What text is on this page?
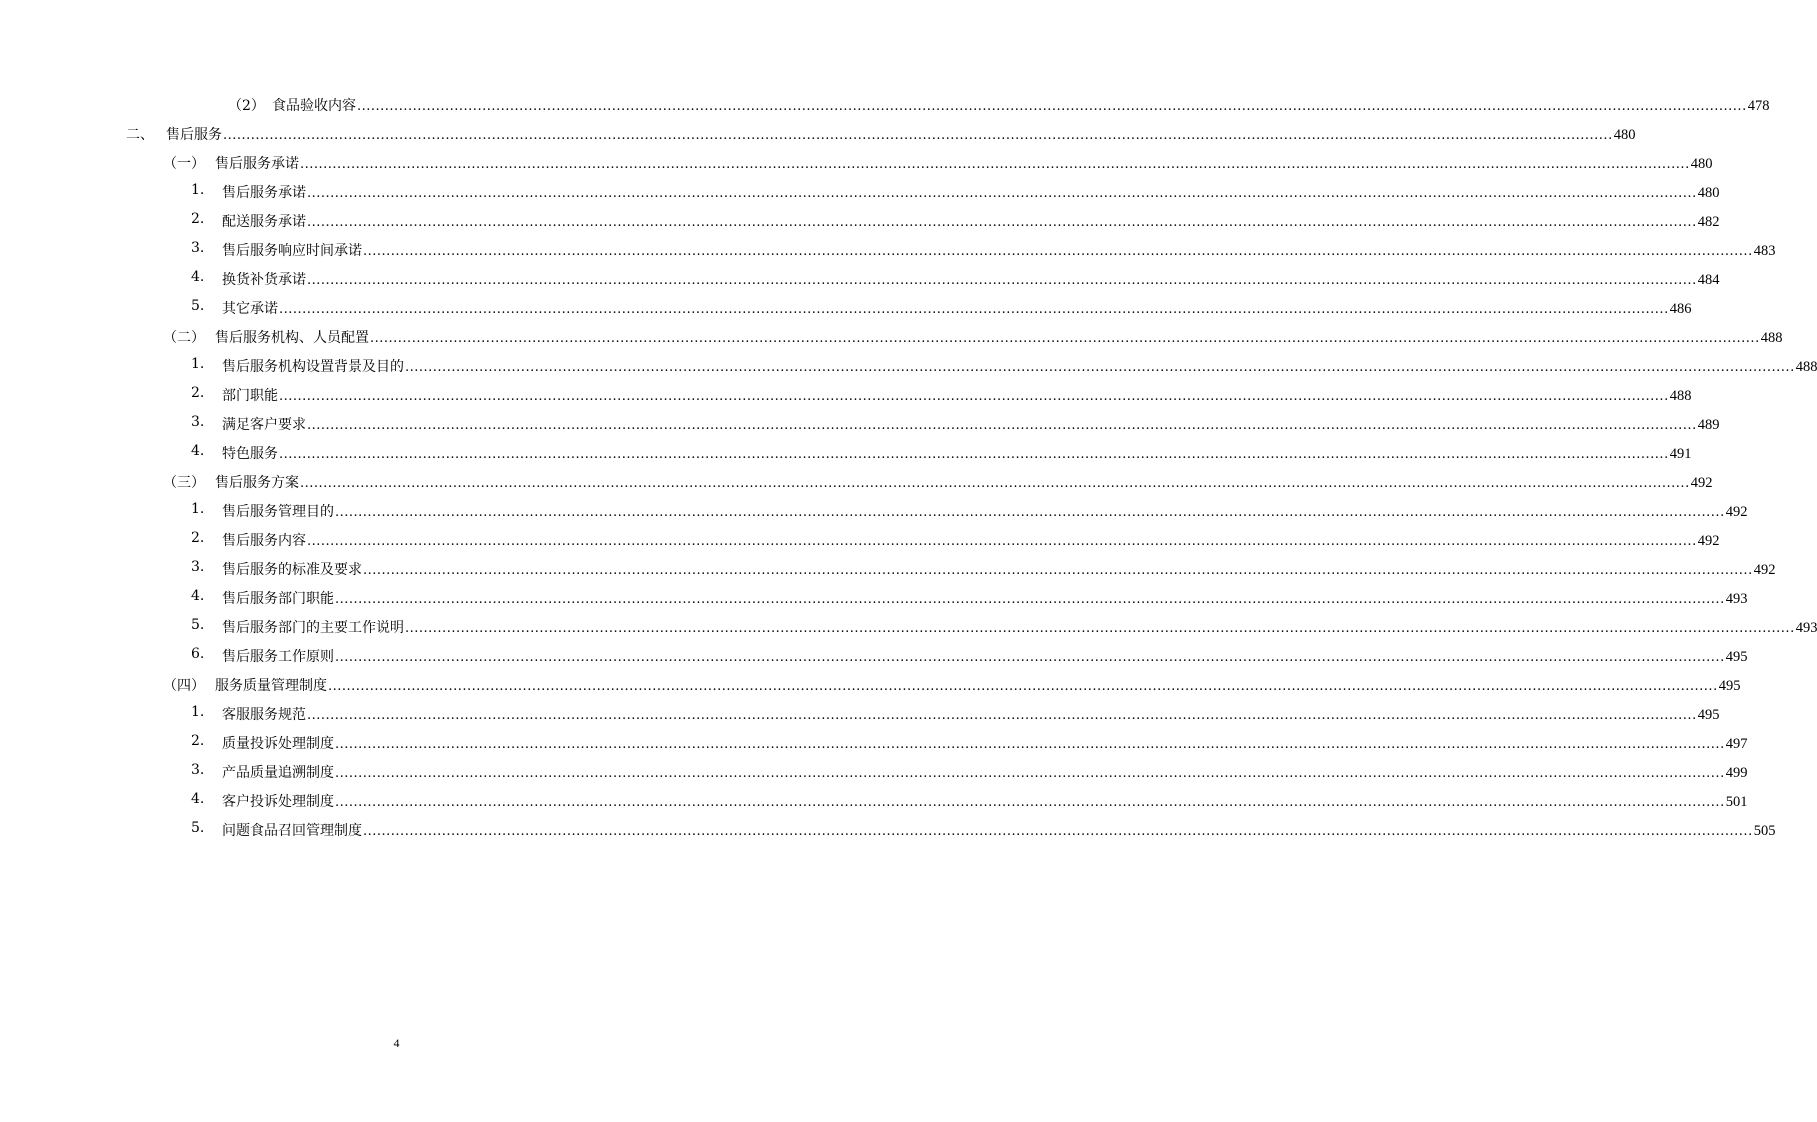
（2） 食品验收内容 ............................................................................................................................................................................................................................................................................................................ 478
二、 售后服务 ............................................................................................................................................................................................................................................................................................................ 480
（一） 售后服务承诺 ............................................................................................................................................................................................................................................................................................................ 480
1. 售后服务承诺 ............................................................................................................................................................................................................................................................................................................ 480
2. 配送服务承诺 ............................................................................................................................................................................................................................................................................................................ 482
3. 售后服务响应时间承诺 ............................................................................................................................................................................................................................................................................................................ 483
4. 换货补货承诺 ............................................................................................................................................................................................................................................................................................................ 484
5. 其它承诺 ............................................................................................................................................................................................................................................................................................................ 486
（二） 售后服务机构、人员配置 ............................................................................................................................................................................................................................................................................................................ 488
1. 售后服务机构设置背景及目的 ............................................................................................................................................................................................................................................................................................................ 488
2. 部门职能 ............................................................................................................................................................................................................................................................................................................ 488
3. 满足客户要求 ............................................................................................................................................................................................................................................................................................................ 489
4. 特色服务 ............................................................................................................................................................................................................................................................................................................ 491
（三） 售后服务方案 ............................................................................................................................................................................................................................................................................................................ 492
1. 售后服务管理目的 ............................................................................................................................................................................................................................................................................................................ 492
2. 售后服务内容 ............................................................................................................................................................................................................................................................................................................ 492
3. 售后服务的标准及要求 ............................................................................................................................................................................................................................................................................................................ 492
4. 售后服务部门职能 ............................................................................................................................................................................................................................................................................................................ 493
5. 售后服务部门的主要工作说明 ............................................................................................................................................................................................................................................................................................................ 493
6. 售后服务工作原则 ............................................................................................................................................................................................................................................................................................................ 495
（四） 服务质量管理制度 ............................................................................................................................................................................................................................................................................................................ 495
1. 客服服务规范 ............................................................................................................................................................................................................................................................................................................ 495
2. 质量投诉处理制度 ............................................................................................................................................................................................................................................................................................................ 497
3. 产品质量追溯制度 ............................................................................................................................................................................................................................................................................................................ 499
4. 客户投诉处理制度 ............................................................................................................................................................................................................................................................................................................ 501
5. 问题食品召回管理制度 ............................................................................................................................................................................................................................................................................................................ 505
4
